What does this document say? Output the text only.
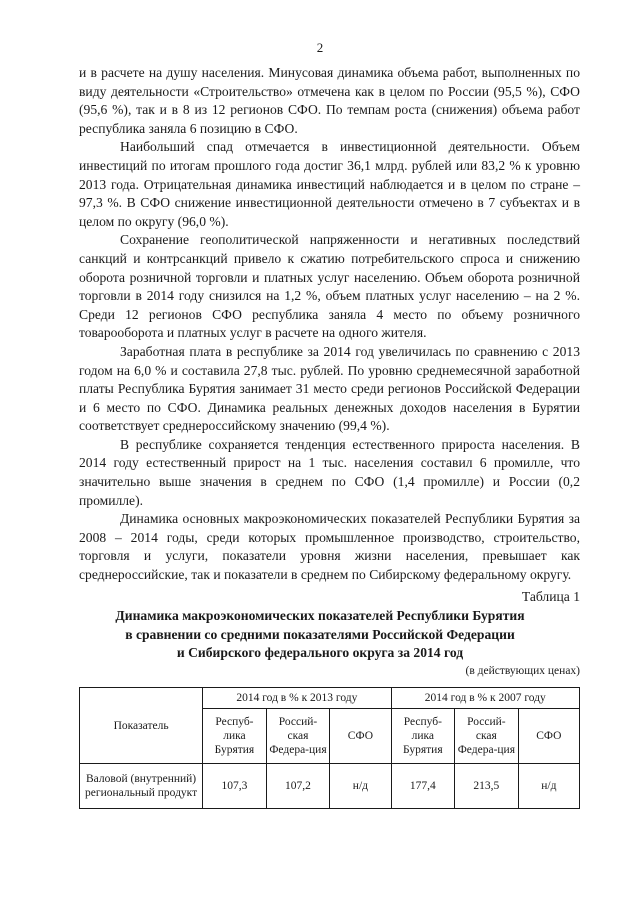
2

и в расчете на душу населения. Минусовая динамика объема работ, выполненных по виду деятельности «Строительство» отмечена как в целом по России (95,5 %), СФО (95,6 %), так и в 8 из 12 регионов СФО. По темпам роста (снижения) объема работ республика заняла 6 позицию в СФО.

Наибольший спад отмечается в инвестиционной деятельности. Объем инвестиций по итогам прошлого года достиг 36,1 млрд. рублей или 83,2 % к уровню 2013 года. Отрицательная динамика инвестиций наблюдается и в целом по стране – 97,3 %. В СФО снижение инвестиционной деятельности отмечено в 7 субъектах и в целом по округу (96,0 %).

Сохранение геополитической напряженности и негативных последствий санкций и контрсанкций привело к сжатию потребительского спроса и снижению оборота розничной торговли и платных услуг населению. Объем оборота розничной торговли в 2014 году снизился на 1,2 %, объем платных услуг населению – на 2 %. Среди 12 регионов СФО республика заняла 4 место по объему розничного товарооборота и платных услуг в расчете на одного жителя.

Заработная плата в республике за 2014 год увеличилась по сравнению с 2013 годом на 6,0 % и составила 27,8 тыс. рублей. По уровню среднемесячной заработной платы Республика Бурятия занимает 31 место среди регионов Российской Федерации и 6 место по СФО. Динамика реальных денежных доходов населения в Бурятии соответствует среднероссийскому значению (99,4 %).

В республике сохраняется тенденция естественного прироста населения. В 2014 году естественный прирост на 1 тыс. населения составил 6 промилле, что значительно выше значения в среднем по СФО (1,4 промилле) и России (0,2 промилле).

Динамика основных макроэкономических показателей Республики Бурятия за 2008 – 2014 годы, среди которых промышленное производство, строительство, торговля и услуги, показатели уровня жизни населения, превышает как среднероссийские, так и показатели в среднем по Сибирскому федеральному округу.

Таблица 1
Динамика макроэкономических показателей Республики Бурятия
в сравнении со средними показателями Российской Федерации
и Сибирского федерального округа за 2014 год
(в действующих ценах)
Показатель	2014 год в % к 2013 году			2014 год в % к 2007 году		
	Респуб-лика Бурятия	Россий-ская Федера-ция	СФО	Респуб-лика Бурятия	Россий-ская Федера-ция	СФО
Валовой (внутренний) региональный продукт	107,3	107,2	н/д	177,4	213,5	н/д
